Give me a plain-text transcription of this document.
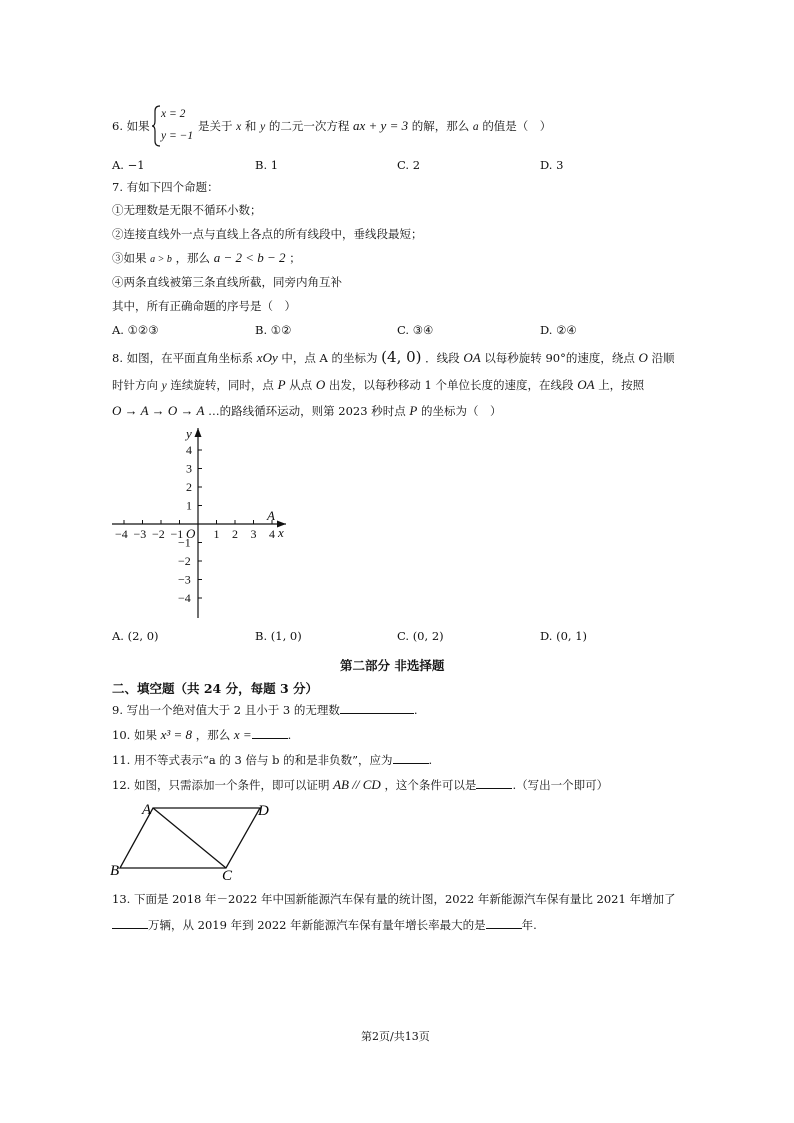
6. 如果
x = 2
y = −1
是关于 x 和 y 的二元一次方程 ax + y = 3 的解，那么 a 的值是（　）
A. −1	B. 1	C. 2	D. 3
7. 有如下四个命题：
①无理数是无限不循环小数；
②连接直线外一点与直线上各点的所有线段中，垂线段最短；
③如果 a > b ，那么 a − 2 < b − 2 ；
④两条直线被第三条直线所截，同旁内角互补
其中，所有正确命题的序号是（　）
A. ①②③	B. ①②	C. ③④	D. ②④
8. 如图，在平面直角坐标系 xOy 中，点 A 的坐标为 (4, 0) ．线段 OA 以每秒旋转 90°的速度，绕点 O 沿顺
时针方向 y 连续旋转，同时，点 P 从点 O 出发，以每秒移动 1 个单位长度的速度，在线段 OA 上，按照
O → A → O → A …的路线循环运动，则第 2023 秒时点 P 的坐标为（　）
−4 −3 −2 −1	1 2 3 4
4
3
2
1
−1
−2
−3
−4
y
x
O
A
A. (2, 0)	B. (1, 0)	C. (0, 2)	D. (0, 1)
第二部分 非选择题
二、填空题（共 24 分，每题 3 分）
9. 写出一个绝对值大于 2 且小于 3 的无理数	.
10. 如果 x³ = 8 ，那么 x =	.
11. 用不等式表示“a 的 3 倍与 b 的和是非负数”，应为	.
12. 如图，只需添加一个条件，即可以证明 AB // CD ，这个条件可以是	.（写出一个即可）
A	D
B	C
13. 下面是 2018 年－2022 年中国新能源汽车保有量的统计图，2022 年新能源汽车保有量比 2021 年增加了
万辆，从 2019 年到 2022 年新能源汽车保有量年增长率最大的是	年.
第2页/共13页
